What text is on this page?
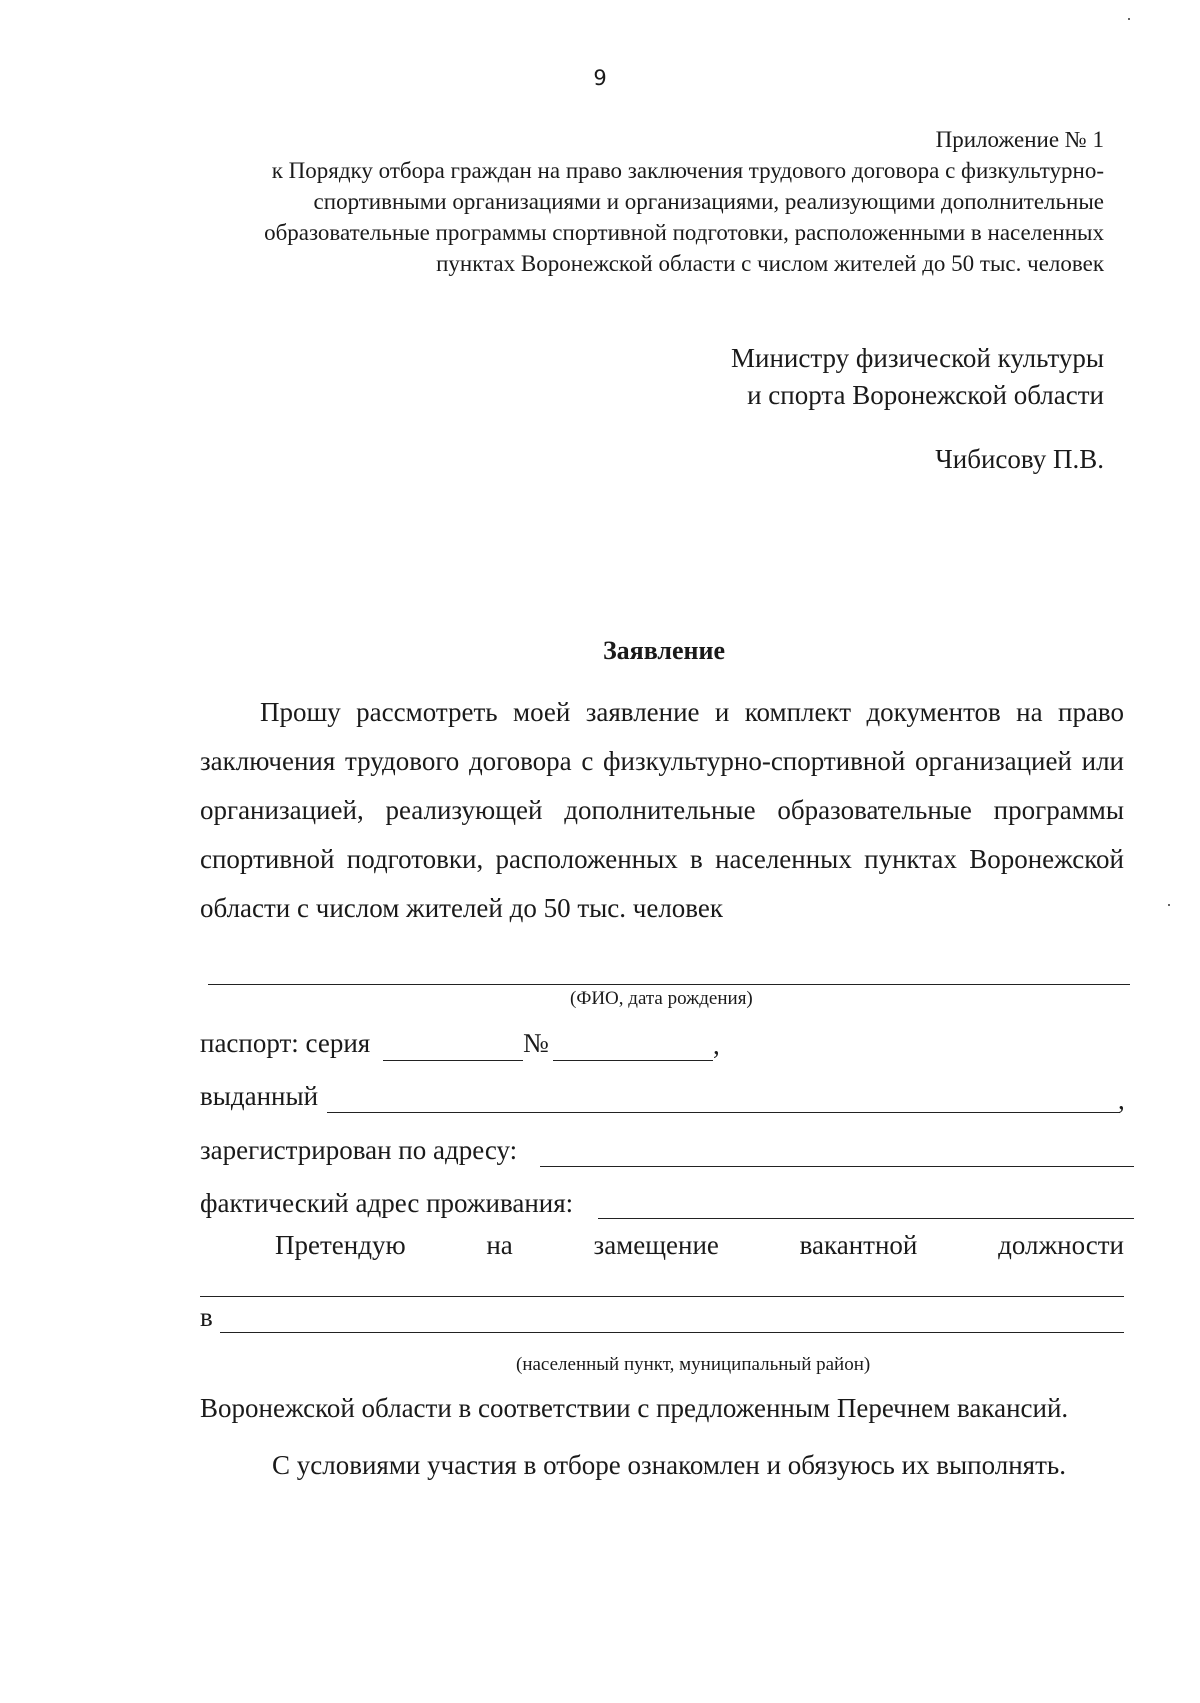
9
Приложение № 1
к Порядку отбора граждан на право заключения трудового договора с физкультурно-
спортивными организациями и организациями, реализующими дополнительные
образовательные программы спортивной подготовки, расположенными в населенных
пунктах Воронежской области с числом жителей до 50 тыс. человек
Министру физической культуры
и спорта Воронежской области
Чибисову П.В.
Заявление
Прошу рассмотреть моей заявление и комплект документов на право заключения трудового договора с физкультурно-спортивной организацией или организацией, реализующей дополнительные образовательные программы спортивной подготовки, расположенных в населенных пунктах Воронежской области с числом жителей до 50 тыс. человек
(ФИО, дата рождения)
паспорт: серия	№	,
выданный	,
зарегистрирован по адресу:
фактический адрес проживания:
Претендую	на	замещение	вакантной	должности
в
(населенный пункт, муниципальный район)
Воронежской области в соответствии с предложенным Перечнем вакансий.
С условиями участия в отборе ознакомлен и обязуюсь их выполнять.
